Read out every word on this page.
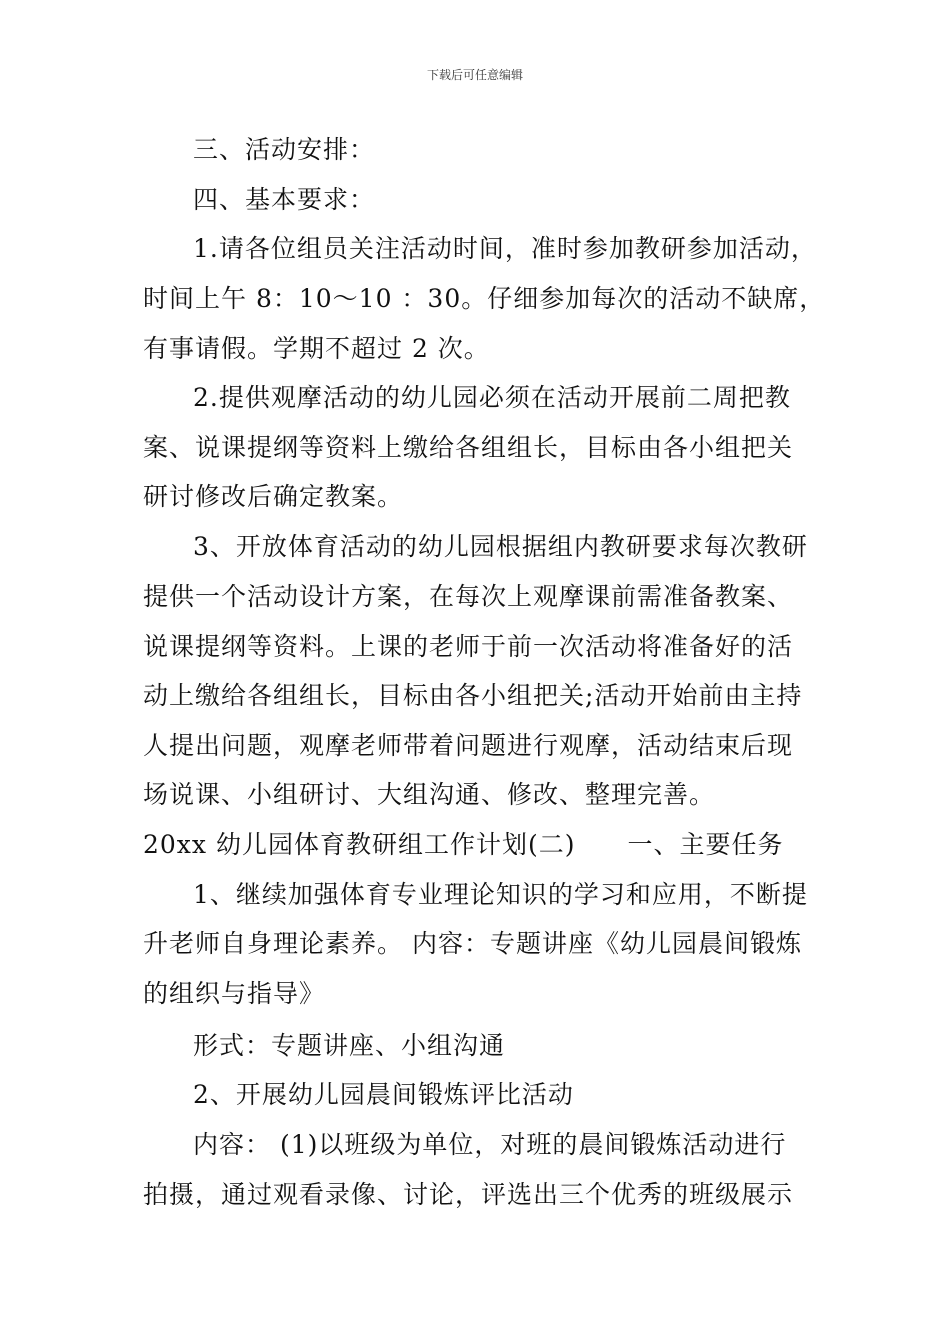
下载后可任意编辑
三、活动安排：
四、基本要求：
1.请各位组员关注活动时间，准时参加教研参加活动，
时间上午 8：10～10 ：30。仔细参加每次的活动不缺席，
有事请假。学期不超过 2 次。
2.提供观摩活动的幼儿园必须在活动开展前二周把教
案、说课提纲等资料上缴给各组组长，目标由各小组把关
研讨修改后确定教案。
3、开放体育活动的幼儿园根据组内教研要求每次教研
提供一个活动设计方案，在每次上观摩课前需准备教案、
说课提纲等资料。上课的老师于前一次活动将准备好的活
动上缴给各组组长，目标由各小组把关;活动开始前由主持
人提出问题，观摩老师带着问题进行观摩，活动结束后现
场说课、小组研讨、大组沟通、修改、整理完善。
20xx 幼儿园体育教研组工作计划(二)　　一、主要任务
1、继续加强体育专业理论知识的学习和应用，不断提
升老师自身理论素养。 内容：专题讲座《幼儿园晨间锻炼
的组织与指导》
形式：专题讲座、小组沟通
2、开展幼儿园晨间锻炼评比活动
内容： (1)以班级为单位，对班的晨间锻炼活动进行
拍摄，通过观看录像、讨论，评选出三个优秀的班级展示
